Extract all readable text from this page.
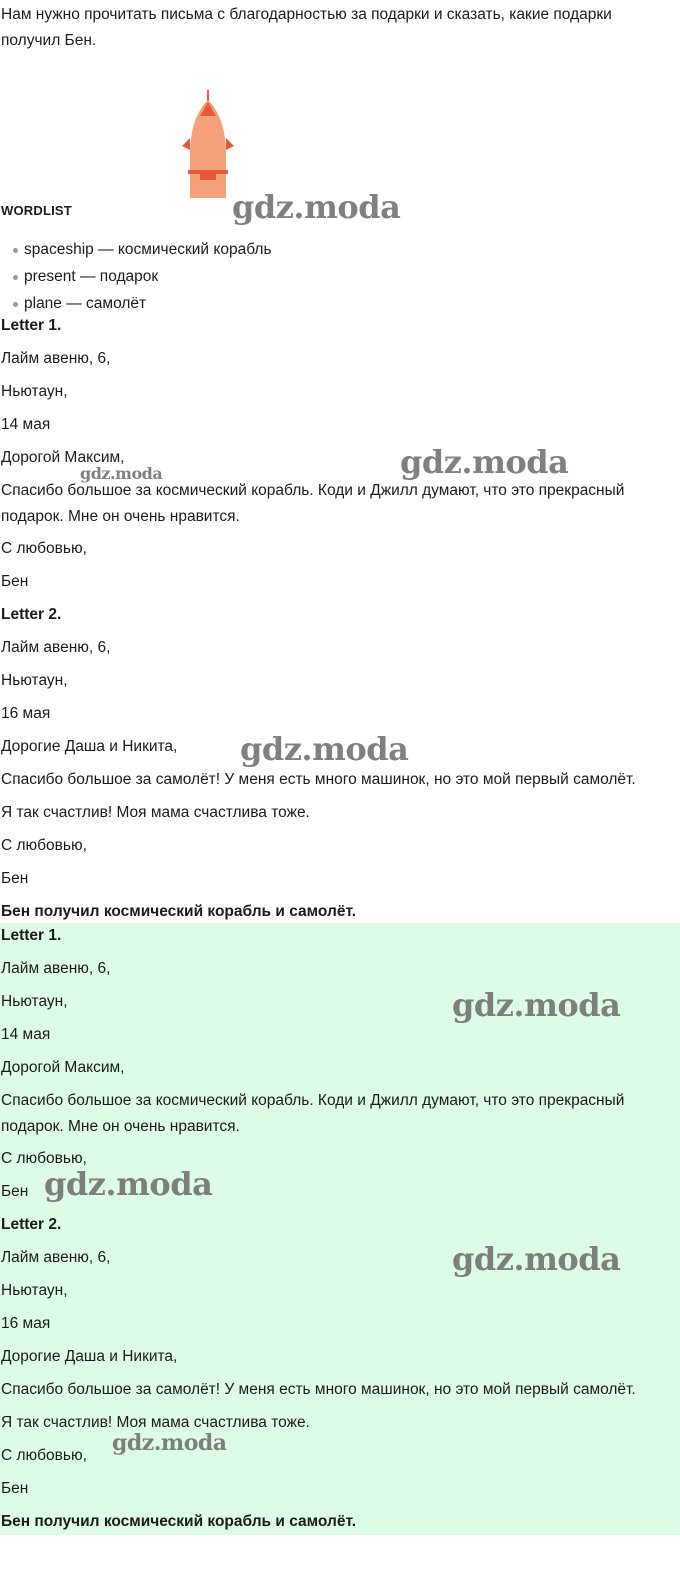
Нам нужно прочитать письма с благодарностью за подарки и сказать, какие подарки получил Бен.

WORDLIST
spaceship — космический корабль
present — подарок
plane — самолёт
Letter 1.
Лайм авеню, 6,
Ньютаун,
14 мая
Дорогой Максим,
Спасибо большое за космический корабль. Коди и Джилл думают, что это прекрасный подарок. Мне он очень нравится.
С любовью,
Бен
Letter 2.
Лайм авеню, 6,
Ньютаун,
16 мая
Дорогие Даша и Никита,
Спасибо большое за самолёт! У меня есть много машинок, но это мой первый самолёт.
Я так счастлив! Моя мама счастлива тоже.
С любовью,
Бен
Бен получил космический корабль и самолёт.
Letter 1.
Лайм авеню, 6,
Ньютаун,
14 мая
Дорогой Максим,
Спасибо большое за космический корабль. Коди и Джилл думают, что это прекрасный подарок. Мне он очень нравится.
С любовью,
Бен
Letter 2.
Лайм авеню, 6,
Ньютаун,
16 мая
Дорогие Даша и Никита,
Спасибо большое за самолёт! У меня есть много машинок, но это мой первый самолёт.
Я так счастлив! Моя мама счастлива тоже.
С любовью,
Бен
Бен получил космический корабль и самолёт.
gdz.moda
gdz.moda	gdz.moda
gdz.moda
gdz.moda
gdz.moda
gdz.moda
gdz.moda
